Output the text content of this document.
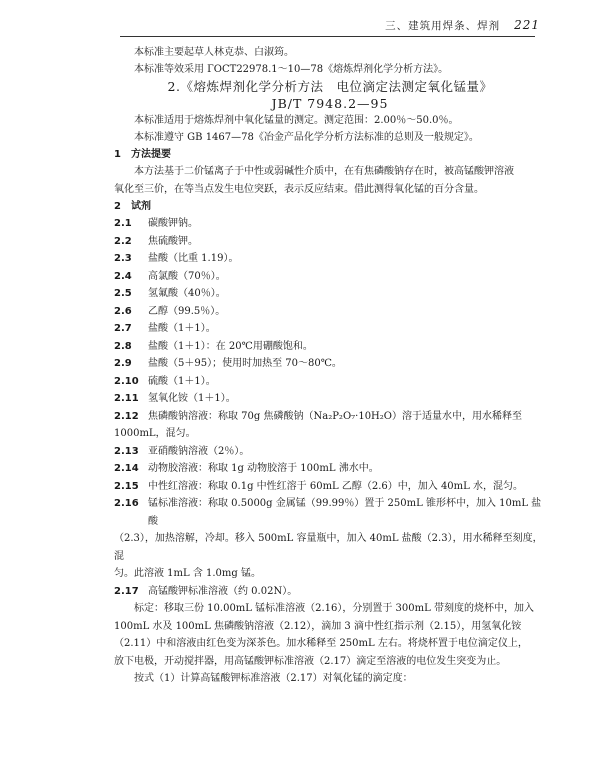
三、建筑用焊条、焊剂 221

本标准主要起草人林克恭、白淑筠。

本标准等效采用 ГОСТ22978.1～10—78《熔炼焊剂化学分析方法》。

2.《熔炼焊剂化学分析方法　电位滴定法测定氧化锰量》

JB/T 7948.2—95

本标准适用于熔炼焊剂中氧化锰量的测定。测定范围：2.00％～50.0％。

本标准遵守 GB 1467—78《冶金产品化学分析方法标准的总则及一般规定》。

1　方法提要

本方法基于二价锰离子于中性或弱碱性介质中，在有焦磷酸钠存在时，被高锰酸钾溶液

氧化至三价，在等当点发生电位突跃，表示反应结束。借此测得氧化锰的百分含量。

2　试剂

2.1	碳酸钾钠。
2.2	焦硫酸钾。
2.3	盐酸（比重 1.19）。
2.4	高氯酸（70％）。
2.5	氢氟酸（40％）。
2.6	乙醇（99.5％）。
2.7	盐酸（1＋1）。
2.8	盐酸（1＋1）：在 20℃用硼酸饱和。
2.9	盐酸（5＋95）；使用时加热至 70～80℃。
2.10 硫酸（1＋1）。
2.11 氢氧化铵（1＋1）。
2.12 焦磷酸钠溶液：称取 70g 焦磷酸钠（Na₂P₂O₇·10H₂O）溶于适量水中，用水稀释至

1000mL，混匀。

2.13 亚硝酸钠溶液（2％）。
2.14 动物胶溶液：称取 1g 动物胶溶于 100mL 沸水中。
2.15 中性红溶液：称取 0.1g 中性红溶于 60mL 乙醇（2.6）中，加入 40mL 水，混匀。
2.16 锰标准溶液：称取 0.5000g 金属锰（99.99％）置于 250mL 锥形杯中，加入 10mL 盐酸

（2.3），加热溶解，冷却。移入 500mL 容量瓶中，加入 40mL 盐酸（2.3），用水稀释至刻度，混

匀。此溶液 1mL 含 1.0mg 锰。

2.17 高锰酸钾标准溶液（约 0.02N）。

标定：移取三份 10.00mL 锰标准溶液（2.16），分别置于 300mL 带刻度的烧杯中，加入

100mL 水及 100mL 焦磷酸钠溶液（2.12），滴加 3 滴中性红指示剂（2.15），用氢氧化铵

（2.11）中和溶液由红色变为深茶色。加水稀释至 250mL 左右。将烧杯置于电位滴定仪上，

放下电极，开动搅拌器，用高锰酸钾标准溶液（2.17）滴定至溶液的电位发生突变为止。

按式（1）计算高锰酸钾标准溶液（2.17）对氧化锰的滴定度：
